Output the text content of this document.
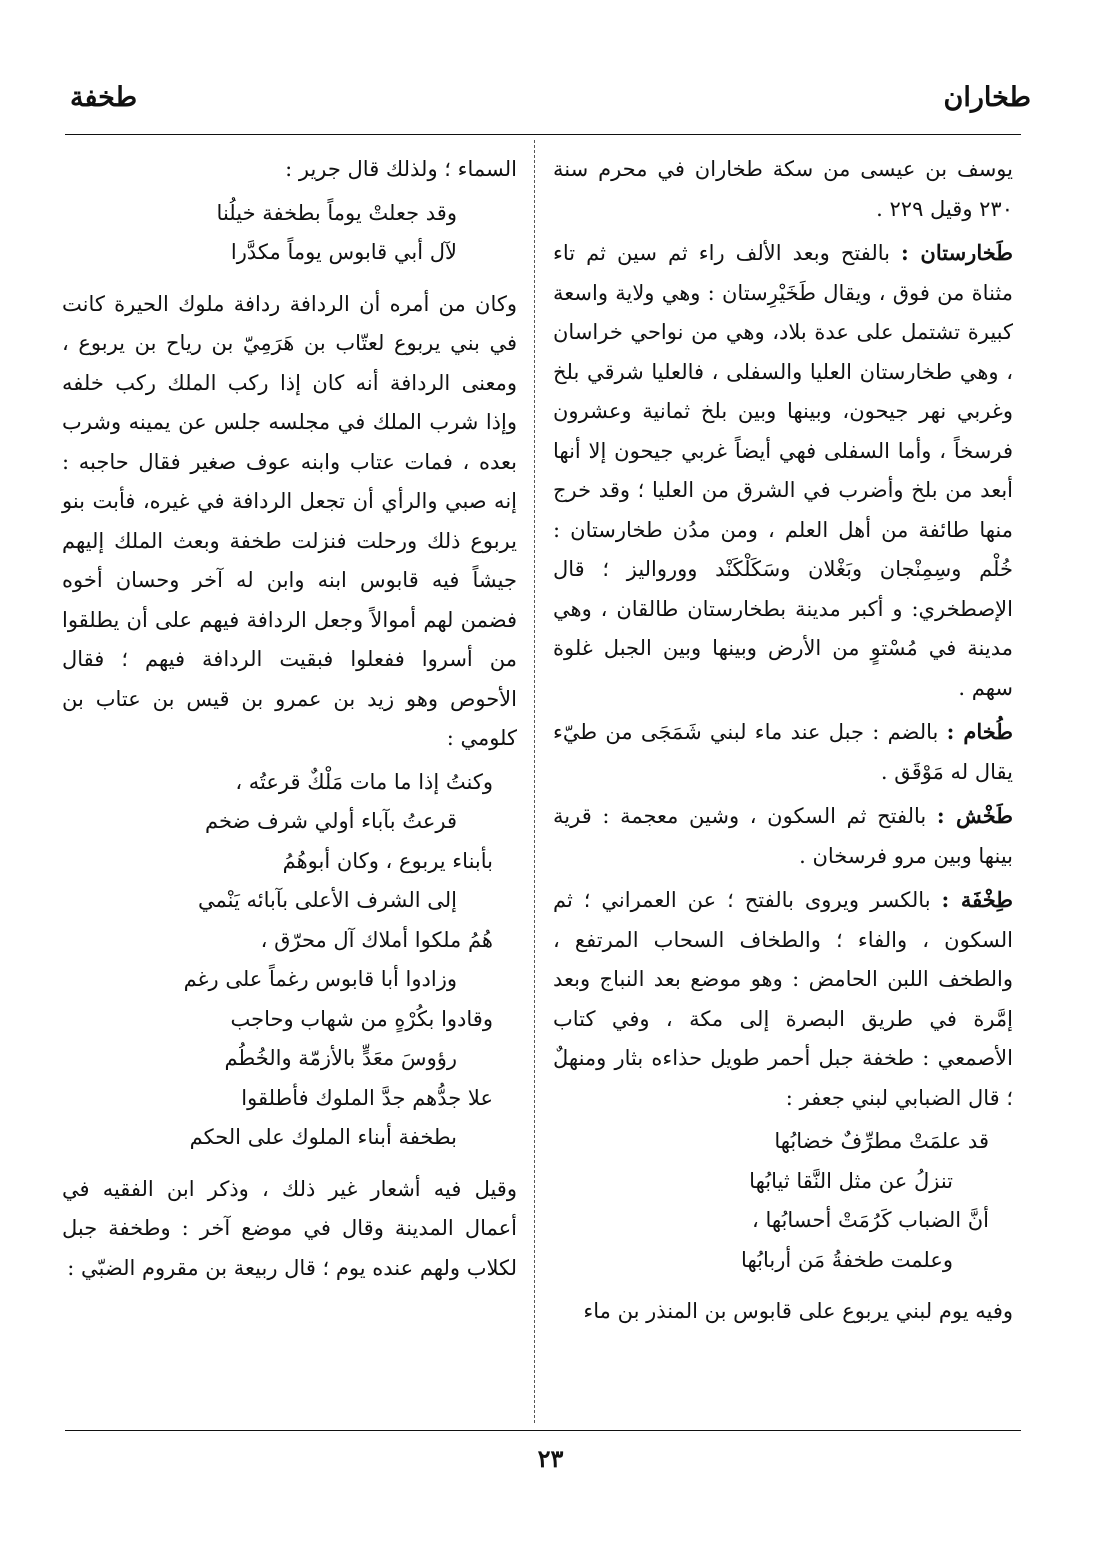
طخاران
طخفة

يوسف بن عيسى من سكة طخاران في محرم سنة ٢٣٠ وقيل ٢٢٩ .

طَخارستان : بالفتح وبعد الألف راء ثم سين ثم تاء مثناة من فوق ، ويقال طَخَيْرِستان : وهي ولاية واسعة كبيرة تشتمل على عدة بلاد، وهي من نواحي خراسان ، وهي طخارستان العليا والسفلى ، فالعليا شرقي بلخ وغربي نهر جيحون، وبينها وبين بلخ ثمانية وعشرون فرسخاً ، وأما السفلى فهي أيضاً غربي جيحون إلا أنها أبعد من بلخ وأضرب في الشرق من العليا ؛ وقد خرج منها طائفة من أهل العلم ، ومن مدُن طخارستان : خُلْم وسِمِنْجان وبَغْلان وسَكَلْكَنْد وورواليز ؛ قال الإصطخري: و أكبر مدينة بطخارستان طالقان ، وهي مدينة في مُسْتوٍ من الأرض وبينها وبين الجبل غلوة سهم .

طُخام : بالضم : جبل عند ماء لبني شَمَجَى من طيّء يقال له مَوْقَق .

طَخْش : بالفتح ثم السكون ، وشين معجمة : قرية بينها وبين مرو فرسخان .

طِخْفَة : بالكسر ويروى بالفتح ؛ عن العمراني ؛ ثم السكون ، والفاء ؛ والطخاف السحاب المرتفع ، والطخف اللبن الحامض : وهو موضع بعد النباج وبعد إمَّرة في طريق البصرة إلى مكة ، وفي كتاب الأصمعي : طخفة جبل أحمر طويل حذاءه بثار ومنهلٌ ؛ قال الضبابي لبني جعفر :

قد علمَتْ مطرِّفٌ خضابُها
تنزلُ عن مثل النَّقا ثيابُها
أنَّ الضباب كَرُمَتْ أحسابُها ،
وعلمت طخفةُ مَن أربابُها

وفيه يوم لبني يربوع على قابوس بن المنذر بن ماء

السماء ؛ ولذلك قال جرير :

وقد جعلتْ يوماً بطخفة خيلُنا
لآل أبي قابوس يوماً مكدَّرا

وكان من أمره أن الردافة ردافة ملوك الحيرة كانت في بني يربوع لعتّاب بن هَرَمِيّ بن رياح بن يربوع ، ومعنى الردافة أنه كان إذا ركب الملك ركب خلفه وإذا شرب الملك في مجلسه جلس عن يمينه وشرب بعده ، فمات عتاب وابنه عوف صغير فقال حاجبه : إنه صبي والرأي أن تجعل الردافة في غيره، فأبت بنو يربوع ذلك ورحلت فنزلت طخفة وبعث الملك إليهم جيشاً فيه قابوس ابنه وابن له آخر وحسان أخوه فضمن لهم أموالاً وجعل الردافة فيهم على أن يطلقوا من أسروا ففعلوا فبقيت الردافة فيهم ؛ فقال الأحوص وهو زيد بن عمرو بن قيس بن عتاب بن كلومي :

وكنتُ إذا ما مات مَلْكٌ قرعتُه ،
قرعتُ بآباء أولي شرف ضخم
بأبناء يربوع ، وكان أبوهُمُ
إلى الشرف الأعلى بآبائه يَنْمي
هُمُ ملكوا أملاك آل محرّق ،
وزادوا أبا قابوس رغماً على رغم
وقادوا بكُرْهٍ من شهاب وحاجب
رؤوسَ معَدٍّ بالأزمّة والخُطُم
علا جدُّهم جدَّ الملوك فأطلقوا
بطخفة أبناء الملوك على الحكم

وقيل فيه أشعار غير ذلك ، وذكر ابن الفقيه في أعمال المدينة وقال في موضع آخر : وطخفة جبل لكلاب ولهم عنده يوم ؛ قال ربيعة بن مقروم الضبّي :

٢٣
